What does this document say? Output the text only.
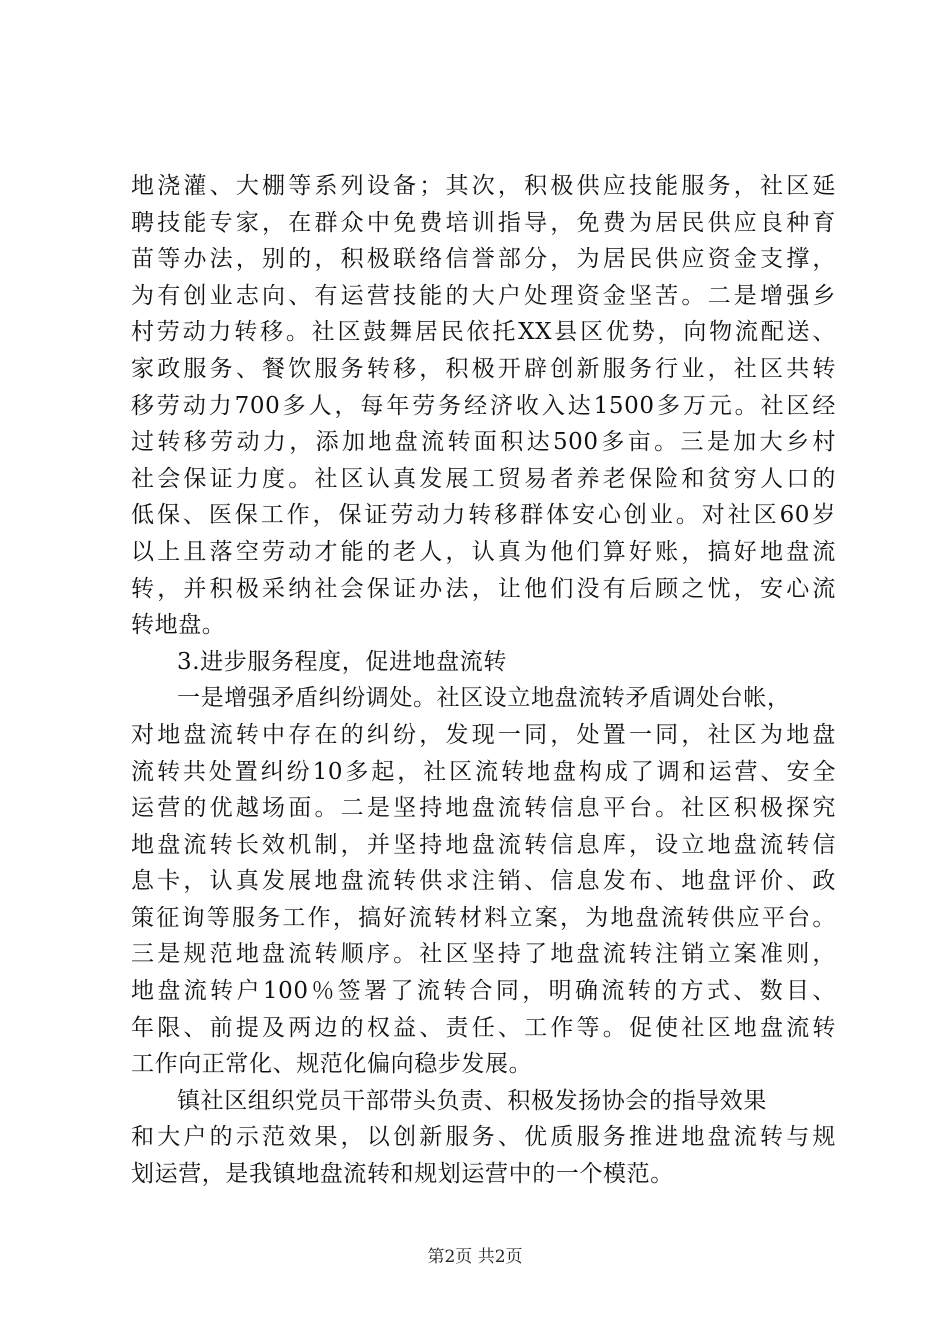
地浇灌、大棚等系列设备；其次，积极供应技能服务，社区延
聘技能专家，在群众中免费培训指导，免费为居民供应良种育
苗等办法，别的，积极联络信誉部分，为居民供应资金支撑，
为有创业志向、有运营技能的大户处理资金坚苦。二是增强乡
村劳动力转移。社区鼓舞居民依托XX县区优势，向物流配送、
家政服务、餐饮服务转移，积极开辟创新服务行业，社区共转
移劳动力700多人，每年劳务经济收入达1500多万元。社区经
过转移劳动力，添加地盘流转面积达500多亩。三是加大乡村
社会保证力度。社区认真发展工贸易者养老保险和贫穷人口的
低保、医保工作，保证劳动力转移群体安心创业。对社区60岁
以上且落空劳动才能的老人，认真为他们算好账，搞好地盘流
转，并积极采纳社会保证办法，让他们没有后顾之忧，安心流
转地盘。
3.进步服务程度，促进地盘流转
一是增强矛盾纠纷调处。社区设立地盘流转矛盾调处台帐，
对地盘流转中存在的纠纷，发现一同，处置一同，社区为地盘
流转共处置纠纷10多起，社区流转地盘构成了调和运营、安全
运营的优越场面。二是坚持地盘流转信息平台。社区积极探究
地盘流转长效机制，并坚持地盘流转信息库，设立地盘流转信
息卡，认真发展地盘流转供求注销、信息发布、地盘评价、政
策征询等服务工作，搞好流转材料立案，为地盘流转供应平台。
三是规范地盘流转顺序。社区坚持了地盘流转注销立案准则，
地盘流转户100％签署了流转合同，明确流转的方式、数目、
年限、前提及两边的权益、责任、工作等。促使社区地盘流转
工作向正常化、规范化偏向稳步发展。
镇社区组织党员干部带头负责、积极发扬协会的指导效果
和大户的示范效果，以创新服务、优质服务推进地盘流转与规
划运营，是我镇地盘流转和规划运营中的一个模范。
第2页 共2页
